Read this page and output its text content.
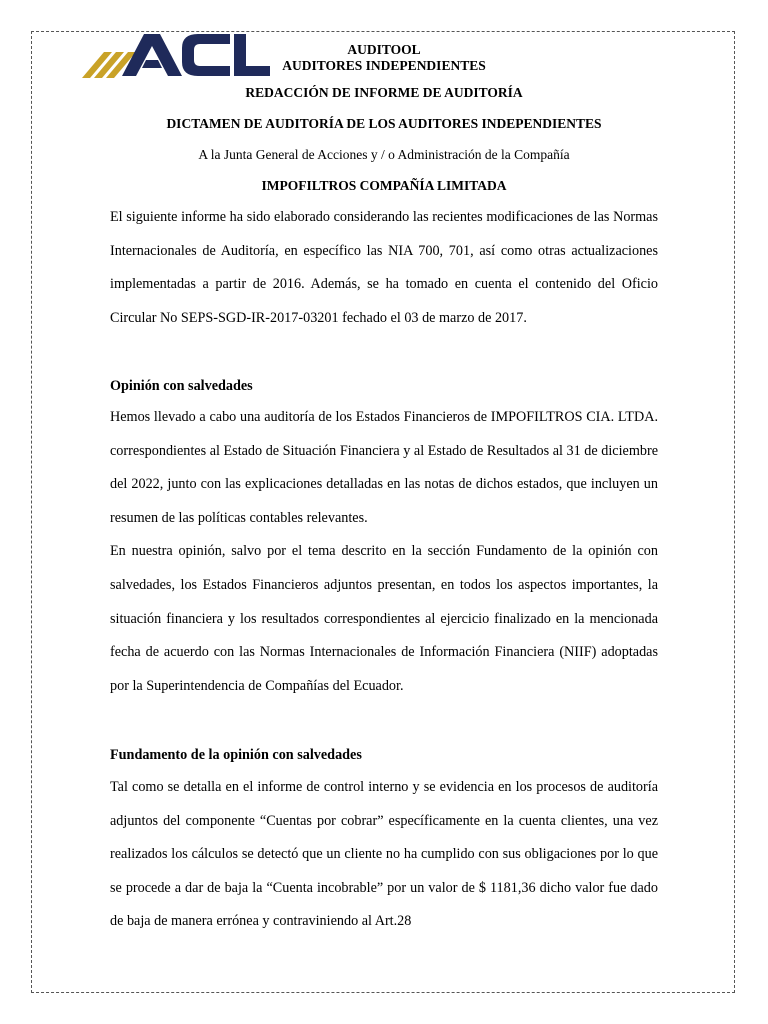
AUDITOOL
AUDITORES INDEPENDIENTES
REDACCIÓN DE INFORME DE AUDITORÍA
DICTAMEN DE AUDITORÍA DE LOS AUDITORES INDEPENDIENTES
A la Junta General de Acciones y / o Administración de la Compañía
IMPOFILTROS COMPAÑÍA LIMITADA

El siguiente informe ha sido elaborado considerando las recientes modificaciones de las Normas Internacionales de Auditoría, en específico las NIA 700, 701, así como otras actualizaciones implementadas a partir de 2016. Además, se ha tomado en cuenta el contenido del Oficio Circular No SEPS-SGD-IR-2017-03201 fechado el 03 de marzo de 2017.

Opinión con salvedades

Hemos llevado a cabo una auditoría de los Estados Financieros de IMPOFILTROS CIA. LTDA. correspondientes al Estado de Situación Financiera y al Estado de Resultados al 31 de diciembre del 2022, junto con las explicaciones detalladas en las notas de dichos estados, que incluyen un resumen de las políticas contables relevantes.

En nuestra opinión, salvo por el tema descrito en la sección Fundamento de la opinión con salvedades, los Estados Financieros adjuntos presentan, en todos los aspectos importantes, la situación financiera y los resultados correspondientes al ejercicio finalizado en la mencionada fecha de acuerdo con las Normas Internacionales de Información Financiera (NIIF) adoptadas por la Superintendencia de Compañías del Ecuador.

Fundamento de la opinión con salvedades

Tal como se detalla en el informe de control interno y se evidencia en los procesos de auditoría adjuntos del componente “Cuentas por cobrar” específicamente en la cuenta clientes, una vez realizados los cálculos se detectó que un cliente no ha cumplido con sus obligaciones por lo que se procede a dar de baja la “Cuenta incobrable” por un valor de $ 1181,36 dicho valor fue dado de baja de manera errónea y contraviniendo al Art.28
